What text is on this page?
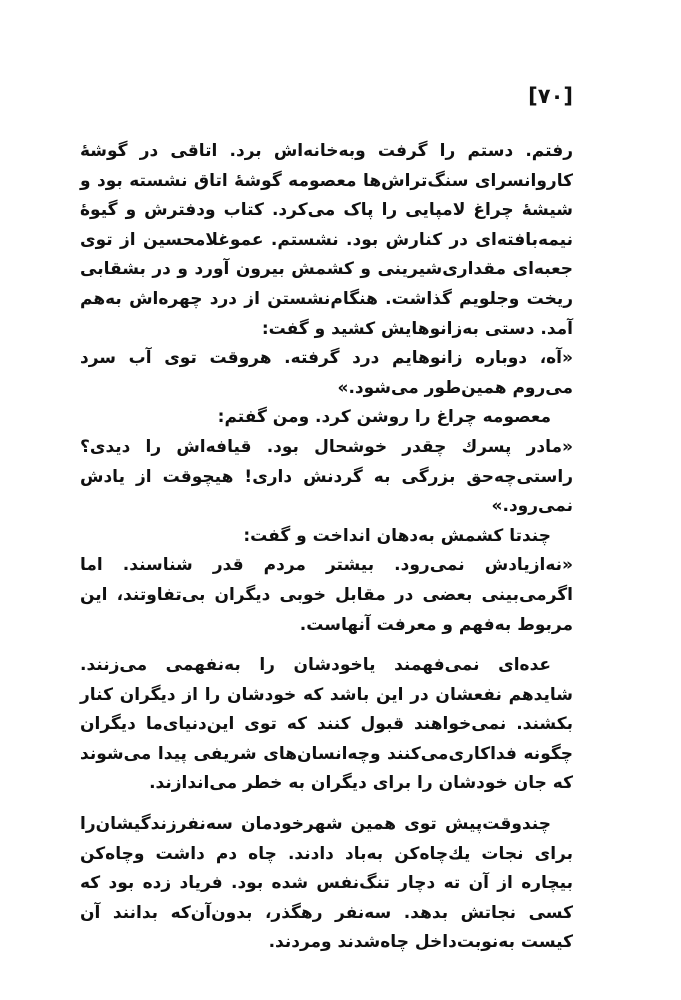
[۷۰]

رفتم. دستم را گرفت وبه‌خانه‌اش برد. اتاقی در گوشهٔ کاروانسرای سنگ‌تراش‌ها معصومه گوشهٔ اتاق نشسته بود و شیشهٔ چراغ لامپایی را پاک می‌کرد. کتاب ودفترش و گیوهٔ نیمه‌بافته‌ای در کنارش بود. نشستم. عموغلامحسین از توی جعبه‌ای مقداری‌شیرینی و کشمش بیرون آورد و در بشقابی ریخت وجلویم گذاشت. هنگام‌نشستن از درد چهره‌اش به‌هم آمد. دستی به‌زانوهایش کشید و گفت:

«آه، دوباره زانوهایم درد گرفته. هروقت توی آب سرد می‌روم همین‌طور می‌شود.»

معصومه چراغ را روشن کرد. ومن گفتم:

«مادر پسرك چقدر خوشحال بود. قیافه‌اش را دیدی؟ راستی‌چه‌حق بزرگی به گردنش داری! هیچوقت از یادش نمی‌رود.»

چندتا کشمش به‌دهان انداخت و گفت:

«نه‌ازیادش نمی‌رود. بیشتر مردم قدر شناسند. اما اگرمی‌بینی بعضی در مقابل خوبی دیگران بی‌تفاوتند، این مربوط به‌فهم و معرفت آنهاست.

عده‌ای نمی‌فهمند یاخودشان را به‌نفهمی می‌زنند. شایدهم نفعشان در این باشد که خودشان را از دیگران کنار بکشند. نمی‌خواهند قبول کنند که توی این‌دنیای‌ما دیگران چگونه فداکاری‌می‌کنند وچه‌انسان‌های شریفی پیدا می‌شوند که جان خودشان را برای دیگران به خطر می‌اندازند.

چندوقت‌پیش توی همین شهرخودمان سه‌نفرزندگیشان‌را برای نجات یك‌چاه‌کن به‌باد دادند. چاه دم داشت وچاه‌کن بیچاره از آن ته دچار تنگ‌نفس شده بود. فریاد زده بود که کسی نجاتش بدهد. سه‌نفر رهگذر، بدون‌آن‌که بدانند آن کیست به‌نوبت‌داخل چاه‌شدند ومردند.
